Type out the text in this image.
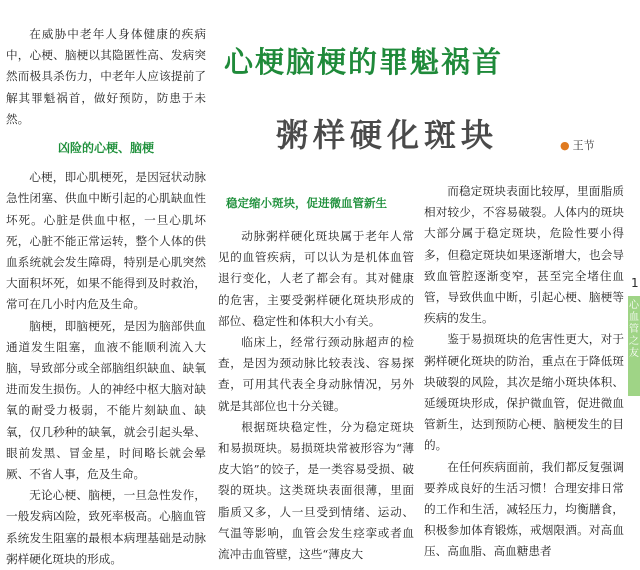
心梗脑梗的罪魁祸首
粥样硬化斑块	● 王节

在威胁中老年人身体健康的疾病中，心梗、脑梗以其隐匿性高、发病突然而极具杀伤力，中老年人应该提前了解其罪魁祸首，做好预防，防患于未然。

凶险的心梗、脑梗

心梗，即心肌梗死，是因冠状动脉急性闭塞、供血中断引起的心肌缺血性坏死。心脏是供血中枢，一旦心肌坏死，心脏不能正常运转，整个人体的供血系统就会发生障碍，特别是心肌突然大面积坏死，如果不能得到及时救治，常可在几小时内危及生命。

脑梗，即脑梗死，是因为脑部供血通道发生阻塞，血液不能顺利流入大脑，导致部分或全部脑组织缺血、缺氧进而发生损伤。人的神经中枢大脑对缺氧的耐受力极弱，不能片刻缺血、缺氧，仅几秒种的缺氧，就会引起头晕、眼前发黑、冒金星，时间略长就会晕厥、不省人事，危及生命。

无论心梗、脑梗，一旦急性发作，一般发病凶险，致死率极高。心脑血管系统发生阻塞的最根本病理基础是动脉粥样硬化斑块的形成。

稳定缩小斑块，促进微血管新生

动脉粥样硬化斑块属于老年人常见的血管疾病，可以认为是机体血管退行变化，人老了都会有。其对健康的危害，主要受粥样硬化斑块形成的部位、稳定性和体积大小有关。

临床上，经常行颈动脉超声的检查，是因为颈动脉比较表浅、容易探查，可用其代表全身动脉情况，另外就是其部位也十分关键。

根据斑块稳定性，分为稳定斑块和易损斑块。易损斑块常被形容为“薄皮大馅”的饺子，是一类容易受损、破裂的斑块。这类斑块表面很薄，里面脂质又多，人一旦受到情绪、运动、气温等影响，血管会发生痉挛或者血流冲击血管壁，这些“薄皮大

而稳定斑块表面比较厚，里面脂质相对较少，不容易破裂。人体内的斑块大部分属于稳定斑块，危险性要小得多，但稳定斑块如果逐渐增大，也会导致血管腔逐渐变窄，甚至完全堵住血管，导致供血中断，引起心梗、脑梗等疾病的发生。

鉴于易损斑块的危害性更大，对于粥样硬化斑块的防治，重点在于降低斑块破裂的风险，其次是缩小斑块体积、延缓斑块形成，保护微血管，促进微血管新生，达到预防心梗、脑梗发生的目的。

在任何疾病面前，我们都反复强调要养成良好的生活习惯！合理安排日常的工作和生活，减轻压力，均衡膳食，积极参加体育锻炼，戒烟限酒。对高血压、高血脂、高血糖患者

1
心血管之友
